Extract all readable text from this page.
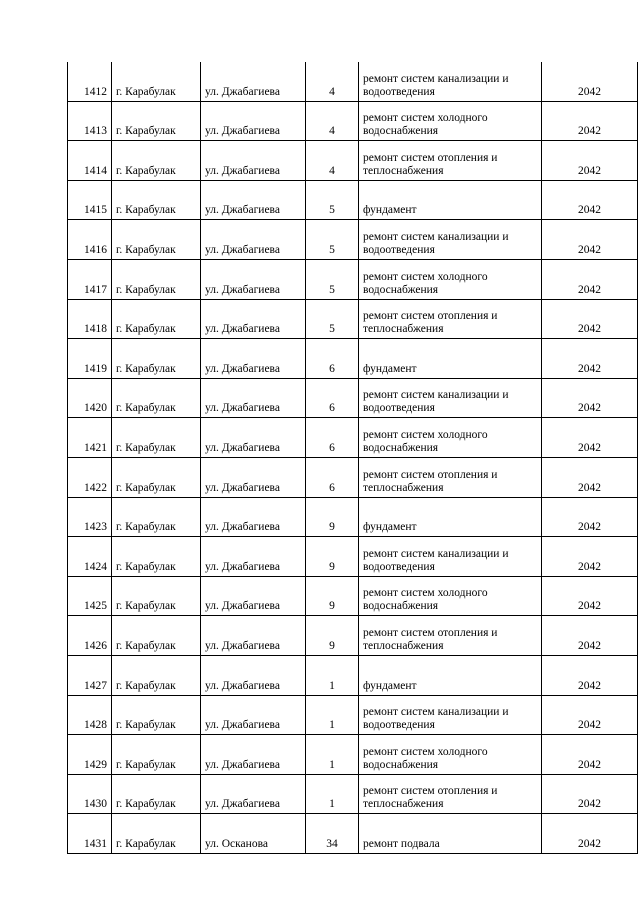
1412	г. Карабулак	ул. Джабагиева	4	ремонт систем канализации и водоотведения	2042
1413	г. Карабулак	ул. Джабагиева	4	ремонт систем холодного водоснабжения	2042
1414	г. Карабулак	ул. Джабагиева	4	ремонт систем отопления и теплоснабжения	2042
1415	г. Карабулак	ул. Джабагиева	5	фундамент	2042
1416	г. Карабулак	ул. Джабагиева	5	ремонт систем канализации и водоотведения	2042
1417	г. Карабулак	ул. Джабагиева	5	ремонт систем холодного водоснабжения	2042
1418	г. Карабулак	ул. Джабагиева	5	ремонт систем отопления и теплоснабжения	2042
1419	г. Карабулак	ул. Джабагиева	6	фундамент	2042
1420	г. Карабулак	ул. Джабагиева	6	ремонт систем канализации и водоотведения	2042
1421	г. Карабулак	ул. Джабагиева	6	ремонт систем холодного водоснабжения	2042
1422	г. Карабулак	ул. Джабагиева	6	ремонт систем отопления и теплоснабжения	2042
1423	г. Карабулак	ул. Джабагиева	9	фундамент	2042
1424	г. Карабулак	ул. Джабагиева	9	ремонт систем канализации и водоотведения	2042
1425	г. Карабулак	ул. Джабагиева	9	ремонт систем холодного водоснабжения	2042
1426	г. Карабулак	ул. Джабагиева	9	ремонт систем отопления и теплоснабжения	2042
1427	г. Карабулак	ул. Джабагиева	1	фундамент	2042
1428	г. Карабулак	ул. Джабагиева	1	ремонт систем канализации и водоотведения	2042
1429	г. Карабулак	ул. Джабагиева	1	ремонт систем холодного водоснабжения	2042
1430	г. Карабулак	ул. Джабагиева	1	ремонт систем отопления и теплоснабжения	2042
1431	г. Карабулак	ул. Осканова	34	ремонт подвала	2042
